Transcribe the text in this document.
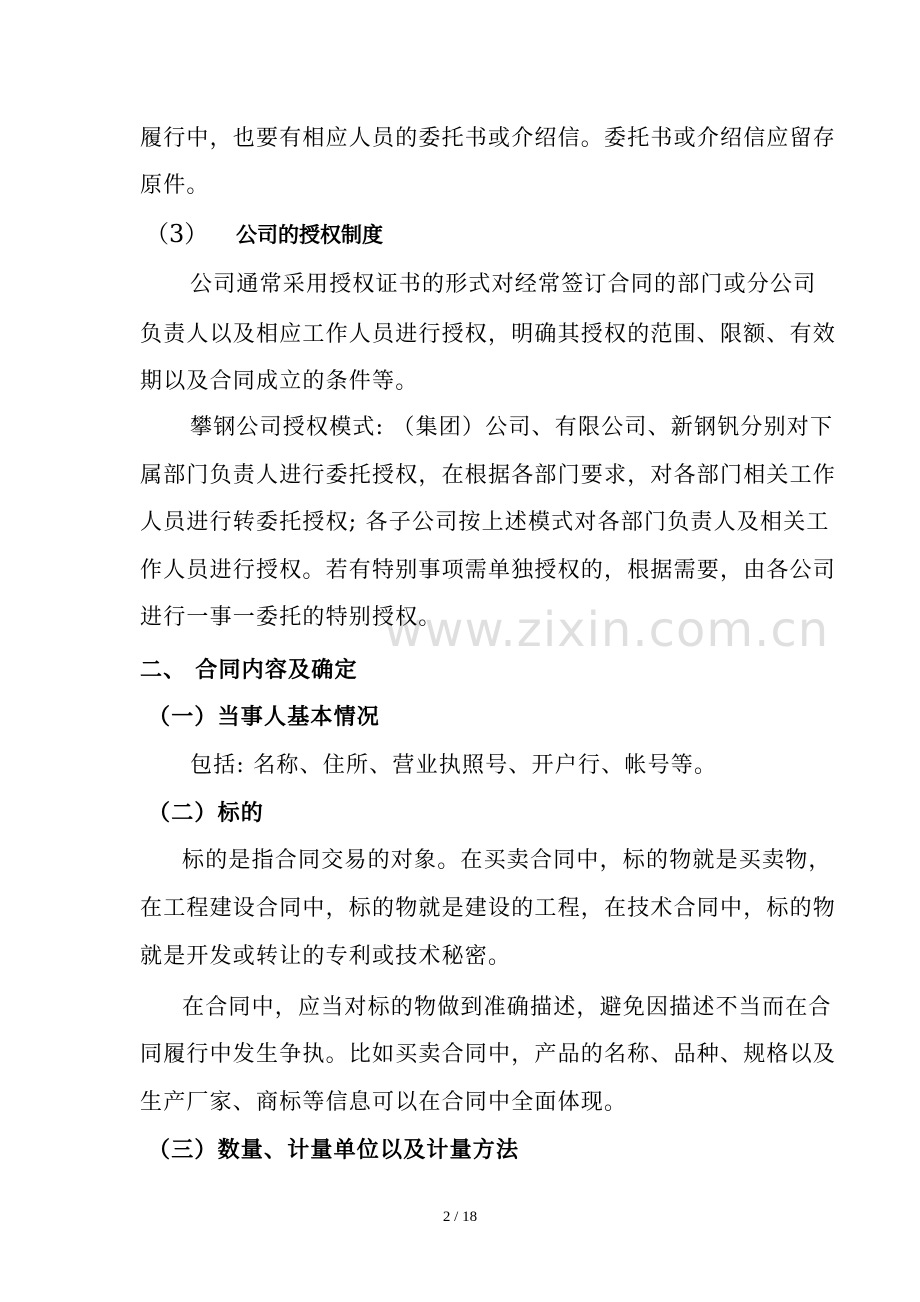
履行中，也要有相应人员的委托书或介绍信。委托书或介绍信应留存
原件。
（3） 公司的授权制度
公司通常采用授权证书的形式对经常签订合同的部门或分公司
负责人以及相应工作人员进行授权，明确其授权的范围、限额、有效
期以及合同成立的条件等。
攀钢公司授权模式: （集团）公司、有限公司、新钢钒分别对下
属部门负责人进行委托授权，在根据各部门要求，对各部门相关工作
人员进行转委托授权; 各子公司按上述模式对各部门负责人及相关工
作人员进行授权。若有特别事项需单独授权的，根据需要，由各公司
进行一事一委托的特别授权。
www.zixin.com.cn
二、 合同内容及确定
（一）当事人基本情况
包括: 名称、住所、营业执照号、开户行、帐号等。
（二）标的
标的是指合同交易的对象。在买卖合同中，标的物就是买卖物，
在工程建设合同中，标的物就是建设的工程，在技术合同中，标的物
就是开发或转让的专利或技术秘密。
在合同中，应当对标的物做到准确描述，避免因描述不当而在合
同履行中发生争执。比如买卖合同中，产品的名称、品种、规格以及
生产厂家、商标等信息可以在合同中全面体现。
（三）数量、计量单位以及计量方法
2 / 18
